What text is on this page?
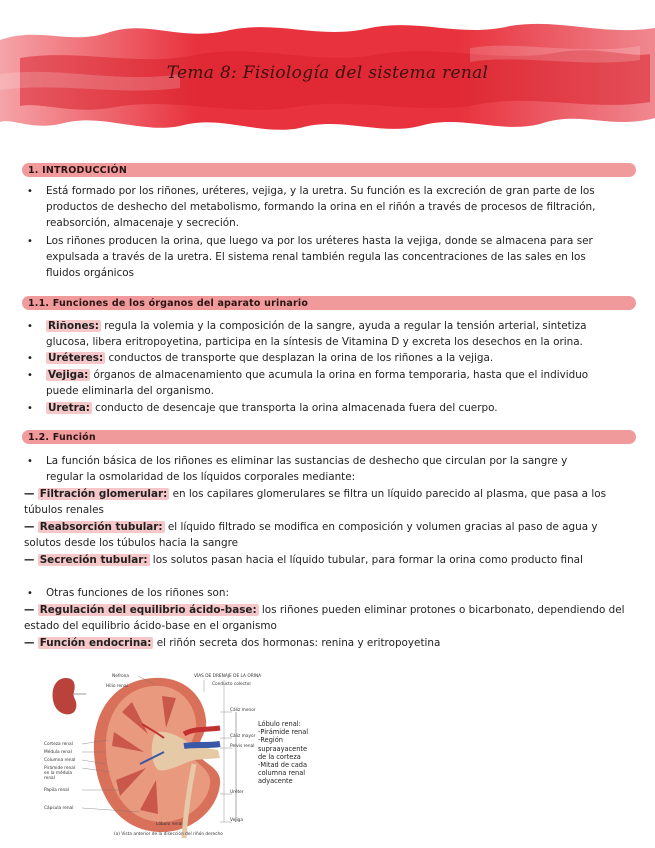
Tema 8: Fisiología del sistema renal
1. INTRODUCCIÓN
• Está formado por los riñones, uréteres, vejiga, y la uretra. Su función es la excreción de gran parte de los
productos de deshecho del metabolismo, formando la orina en el riñón a través de procesos de filtración,
reabsorción, almacenaje y secreción.
• Los riñones producen la orina, que luego va por los uréteres hasta la vejiga, donde se almacena para ser
expulsada a través de la uretra. El sistema renal también regula las concentraciones de las sales en los
fluidos orgánicos
1.1. Funciones de los órganos del aparato urinario
• Riñones: regula la volemia y la composición de la sangre, ayuda a regular la tensión arterial, sintetiza
glucosa, libera eritropoyetina, participa en la síntesis de Vitamina D y excreta los desechos en la orina.
• Uréteres: conductos de transporte que desplazan la orina de los riñones a la vejiga.
• Vejiga: órganos de almacenamiento que acumula la orina en forma temporaria, hasta que el individuo
puede eliminarla del organismo.
• Uretra: conducto de desencaje que transporta la orina almacenada fuera del cuerpo.
1.2. Función
• La función básica de los riñones es eliminar las sustancias de deshecho que circulan por la sangre y
regular la osmolaridad de los líquidos corporales mediante:
— Filtración glomerular: en los capilares glomerulares se filtra un líquido parecido al plasma, que pasa a los
túbulos renales
— Reabsorción tubular: el líquido filtrado se modifica en composición y volumen gracias al paso de agua y
solutos desde los túbulos hacia la sangre
— Secreción tubular: los solutos pasan hacia el líquido tubular, para formar la orina como producto final
• Otras funciones de los riñones son:
— Regulación del equilibrio ácido-base: los riñones pueden eliminar protones o bicarbonato, dependiendo del
estado del equilibrio ácido-base en el organismo
— Función endocrina: el riñón secreta dos hormonas: renina y eritropoyetina
Hilio renal
Nefrona	VÍAS DE DRENAJE DE LA ORINA
Conducto colector
Corteza renal
Médula renal
Columna renal
Pirámide renal en la médula renal
Papila renal
Cápsula renal
Cáliz menor
Cáliz mayor
Pelvis renal
Uréter
Vejiga
Lóbulo renal
(a) Vista anterior de la disección del riñón derecho
Lóbulo renal:
-Pirámide renal
-Región
supraayacente
de la corteza
-Mitad de cada
columna renal
adyacente
